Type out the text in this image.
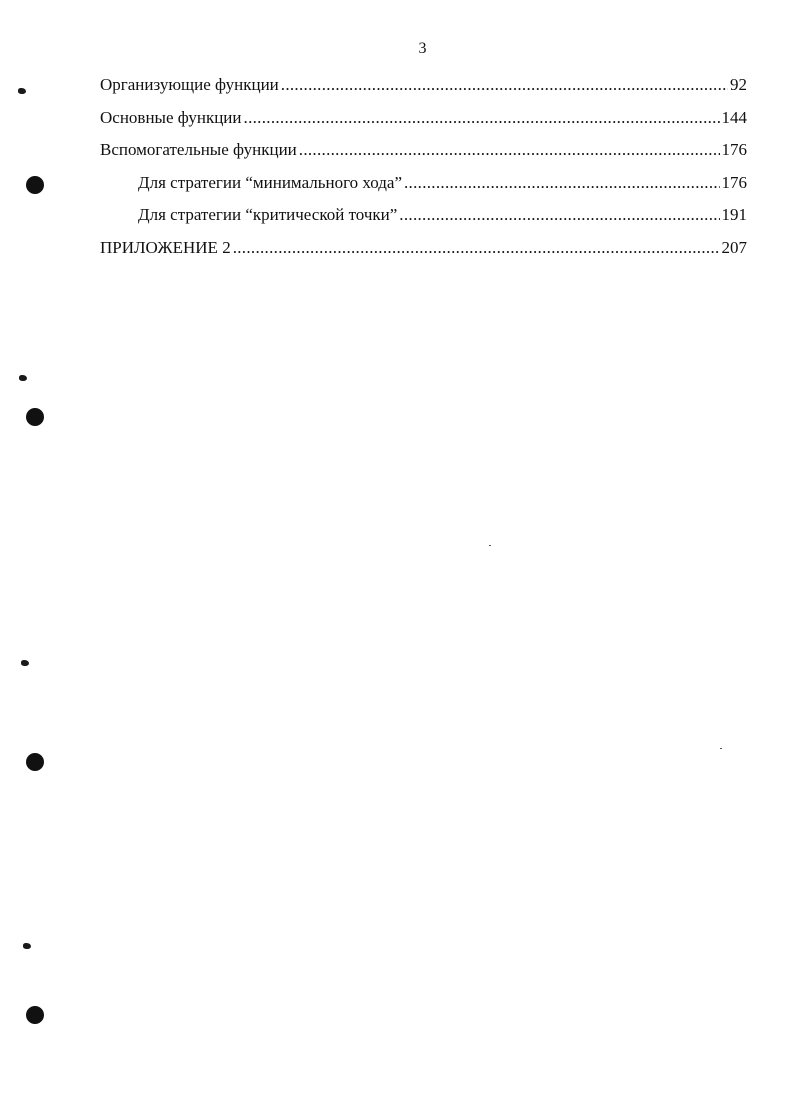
3
Организующие функции .....	92
Основные функции .....	144
Вспомогательные функции .....	176
Для стратегии “минимального хода” .....	176
Для стратегии “критической точки” .....	191
ПРИЛОЖЕНИЕ 2 .....	207
